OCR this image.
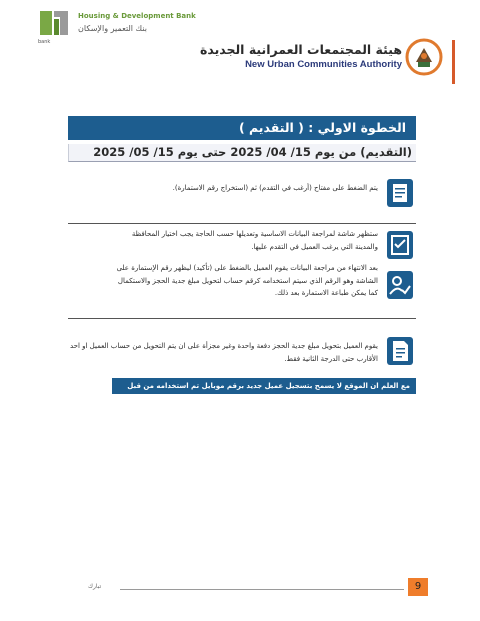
bank
Housing & Development Bank
بنك التعمير والإسكان
هيئة المجتمعات العمرانية الجديدة
New Urban Communities Authority
الخطوة الاولي : ( التقديم )
(التقديم) من يوم 15/ 04/ 2025 حتى يوم 15/ 05/ 2025
يتم الضغط على مفتاح (أرغب في التقدم) ثم (استخراج رقم الاستمارة).
ستظهر شاشة لمراجعة البيانات الاساسية وتعديلها حسب الحاجة يجب اختيار المحافظة والمدينة التي يرغب العميل في التقدم عليها.
بعد الانتهاء من مراجعة البيانات يقوم العميل بالضغط على (تأكيد) ليظهر رقم الإستمارة على الشاشة وهو الرقم الذي سيتم استخدامه كرقم حساب لتحويل مبلغ جدية الحجز والاستكمال كما يمكن طباعة الاستمارة بعد ذلك.
يقوم العميل بتحويل مبلغ جدية الحجز دفعة واحدة وغير مجزأة على ان يتم التحويل من حساب العميل او احد الأقارب حتى الدرجة الثانية فقط.
مع العلم ان الموقع لا يسمح بتسجيل عميل جديد برقم موبايل تم استخدامه من قبل
تبارك	9
